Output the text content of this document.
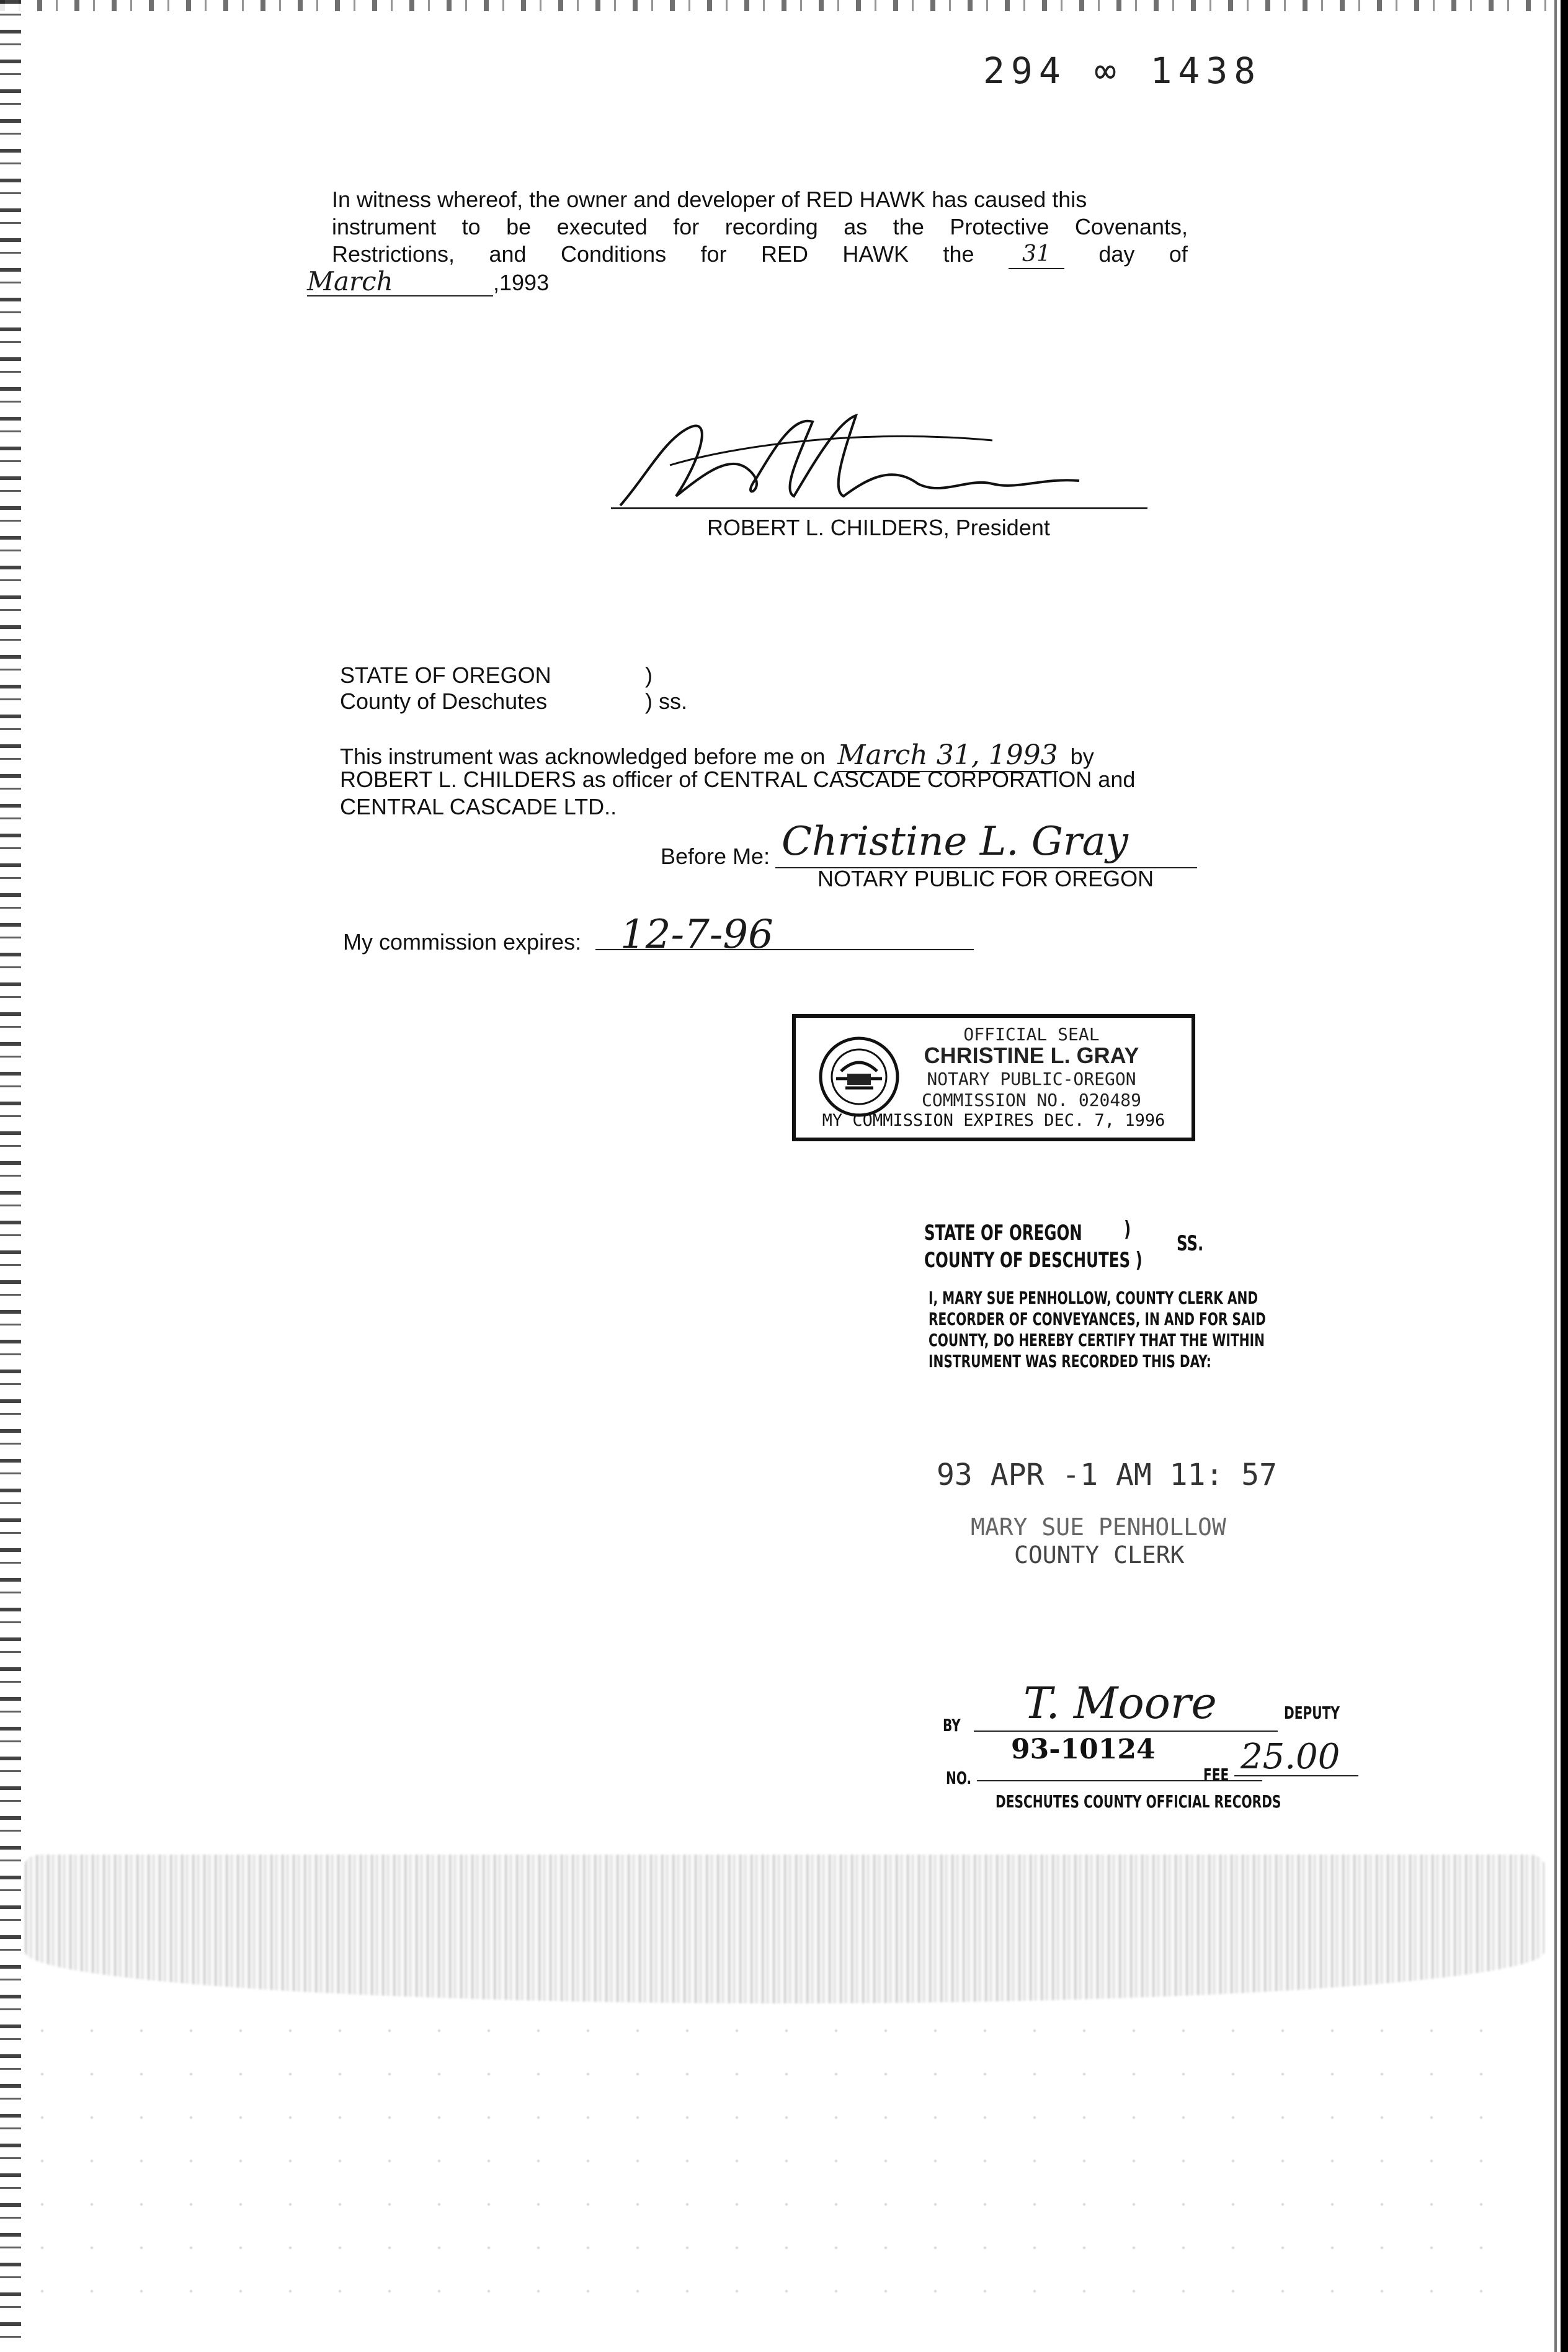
294 ∞ 1438
In witness whereof, the owner and developer of RED HAWK has caused this
instrument to be executed for recording as the Protective Covenants,
Restrictions, and Conditions for RED HAWK the	31	day of
March	,1993
ROBERT L. CHILDERS, President
STATE OF OREGON	)
County of Deschutes	) ss.
This instrument was acknowledged before me on March 31, 1993 by
ROBERT L. CHILDERS as officer of CENTRAL CASCADE CORPORATION and
CENTRAL CASCADE LTD..
Before Me: Christine L. Gray
NOTARY PUBLIC FOR OREGON
My commission expires: 12-7-96
OFFICIAL SEAL
CHRISTINE L. GRAY
NOTARY PUBLIC-OREGON
COMMISSION NO. 020489
MY COMMISSION EXPIRES DEC. 7, 1996
STATE OF OREGON )
COUNTY OF DESCHUTES )
SS.
I, MARY SUE PENHOLLOW, COUNTY CLERK AND
RECORDER OF CONVEYANCES, IN AND FOR SAID
COUNTY, DO HEREBY CERTIFY THAT THE WITHIN
INSTRUMENT WAS RECORDED THIS DAY:
93 APR -1 AM 11: 57
MARY SUE PENHOLLOW
COUNTY CLERK
BY T. Moore	DEPUTY
NO.
93-10124
FEE 25.00
DESCHUTES COUNTY OFFICIAL RECORDS
